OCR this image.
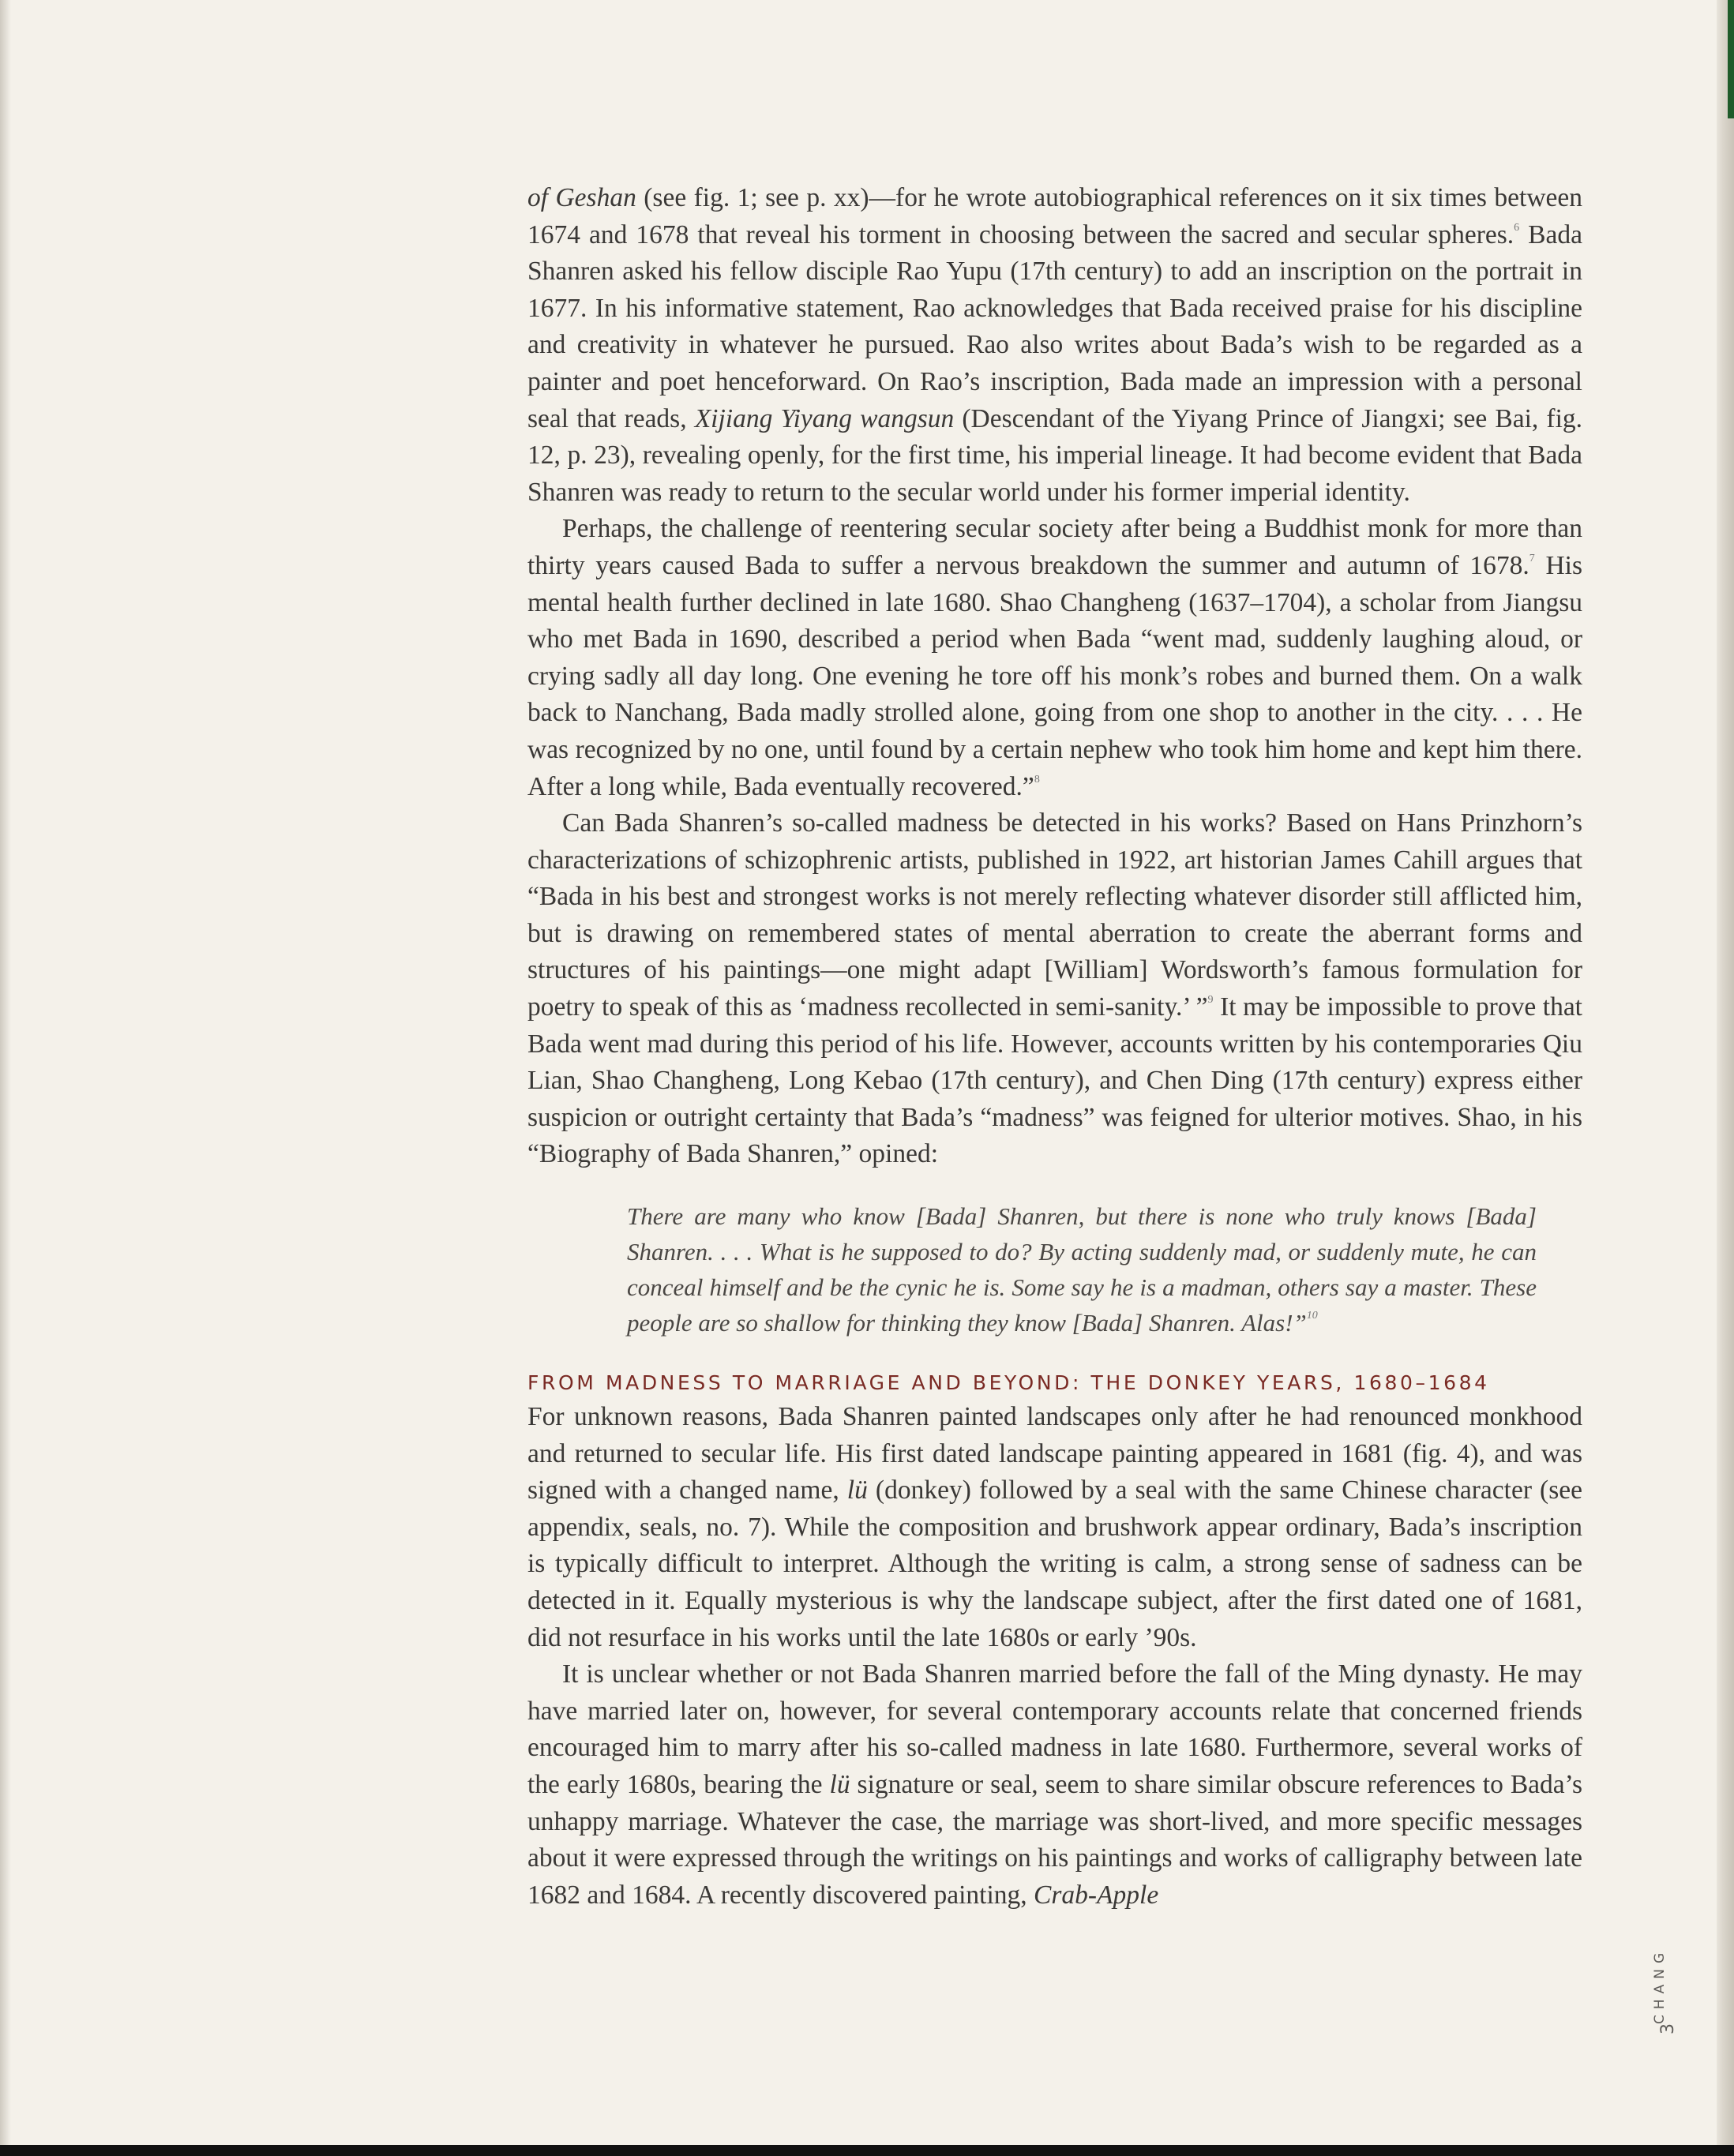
of Geshan (see fig. 1; see p. xx)—for he wrote autobiographical references on it six times between 1674 and 1678 that reveal his torment in choosing between the sacred and secular spheres.$^6$ Bada Shanren asked his fellow disciple Rao Yupu (17th century) to add an inscription on the portrait in 1677. In his informative statement, Rao acknowledges that Bada received praise for his discipline and creativity in whatever he pursued. Rao also writes about Bada’s wish to be regarded as a painter and poet henceforward. On Rao’s inscription, Bada made an impression with a personal seal that reads, Xijiang Yiyang wangsun (Descendant of the Yiyang Prince of Jiangxi; see Bai, fig. 12, p. 23), revealing openly, for the first time, his imperial lineage. It had become evident that Bada Shanren was ready to return to the secular world under his former imperial identity.

Perhaps, the challenge of reentering secular society after being a Buddhist monk for more than thirty years caused Bada to suffer a nervous breakdown the summer and autumn of 1678.$^7$ His mental health further declined in late 1680. Shao Changheng (1637–1704), a scholar from Jiangsu who met Bada in 1690, described a period when Bada “went mad, suddenly laughing aloud, or crying sadly all day long. One evening he tore off his monk’s robes and burned them. On a walk back to Nanchang, Bada madly strolled alone, going from one shop to another in the city. . . . He was recognized by no one, until found by a certain nephew who took him home and kept him there. After a long while, Bada eventually recovered.”$^8$

Can Bada Shanren’s so-called madness be detected in his works? Based on Hans Prinzhorn’s characterizations of schizophrenic artists, published in 1922, art historian James Cahill argues that “Bada in his best and strongest works is not merely reflecting whatever disorder still afflicted him, but is drawing on remembered states of mental aberration to create the aberrant forms and structures of his paintings—one might adapt [William] Wordsworth’s famous formulation for poetry to speak of this as ‘madness recollected in semi-sanity.’ ”$^9$ It may be impossible to prove that Bada went mad during this period of his life. However, accounts written by his contemporaries Qiu Lian, Shao Changheng, Long Kebao (17th century), and Chen Ding (17th century) express either suspicion or outright certainty that Bada’s “madness” was feigned for ulterior motives. Shao, in his “Biography of Bada Shanren,” opined:

There are many who know [Bada] Shanren, but there is none who truly knows [Bada] Shanren. . . . What is he supposed to do? By acting suddenly mad, or suddenly mute, he can conceal himself and be the cynic he is. Some say he is a madman, others say a master. These people are so shallow for thinking they know [Bada] Shanren. Alas!”$^{10}$

FROM MADNESS TO MARRIAGE AND BEYOND: THE DONKEY YEARS, 1680–1684

For unknown reasons, Bada Shanren painted landscapes only after he had renounced monkhood and returned to secular life. His first dated landscape painting appeared in 1681 (fig. 4), and was signed with a changed name, lü (donkey) followed by a seal with the same Chinese character (see appendix, seals, no. 7). While the composition and brushwork appear ordinary, Bada’s inscription is typically difficult to interpret. Although the writing is calm, a strong sense of sadness can be detected in it. Equally mysterious is why the landscape subject, after the first dated one of 1681, did not resurface in his works until the late 1680s or early ’90s.

It is unclear whether or not Bada Shanren married before the fall of the Ming dynasty. He may have married later on, however, for several contemporary accounts relate that concerned friends encouraged him to marry after his so-called madness in late 1680. Furthermore, several works of the early 1680s, bearing the lü signature or seal, seem to share similar obscure references to Bada’s unhappy marriage. Whatever the case, the marriage was short-lived, and more specific messages about it were expressed through the writings on his paintings and works of calligraphy between late 1682 and 1684. A recently discovered painting, Crab-Apple

CHANG
3
